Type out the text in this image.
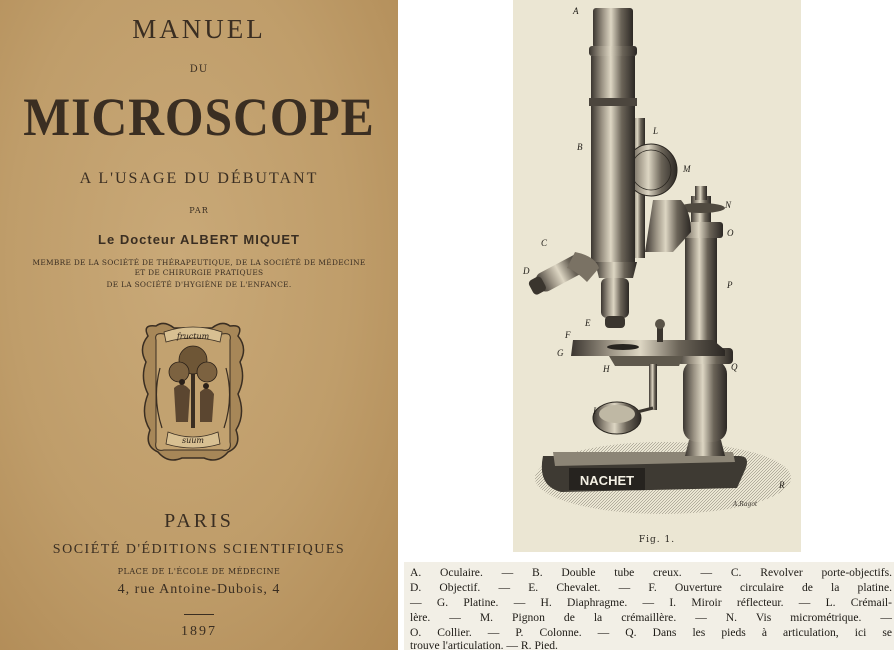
MANUEL
DU
MICROSCOPE
A L'USAGE DU DÉBUTANT
PAR
Le Docteur ALBERT MIQUET
MEMBRE DE LA SOCIÉTÉ DE THÉRAPEUTIQUE, DE LA SOCIÉTÉ DE MÉDECINE
ET DE CHIRURGIE PRATIQUES
DE LA SOCIÉTÉ D'HYGIÈNE DE L'ENFANCE.
fructum
suum
PARIS
SOCIÉTÉ D'ÉDITIONS SCIENTIFIQUES
PLACE DE L'ÉCOLE DE MÉDECINE
4, rue Antoine-Dubois, 4
1897
NACHET
A.Ragot
A
B
L
M
N
O
C
D
P
E
F
G
H	Q
I
R
Fig. 1.
A. Oculaire. — B. Double tube creux. — C. Revolver porte-objectifs.
D. Objectif. — E. Chevalet. — F. Ouverture circulaire de la platine.
— G. Platine. — H. Diaphragme. — I. Miroir réflecteur. — L. Crémail-
lère. — M. Pignon de la crémaillère. — N. Vis micrométrique. —
O. Collier. — P. Colonne. — Q. Dans les pieds à articulation, ici se
trouve l'articulation. — R. Pied.
